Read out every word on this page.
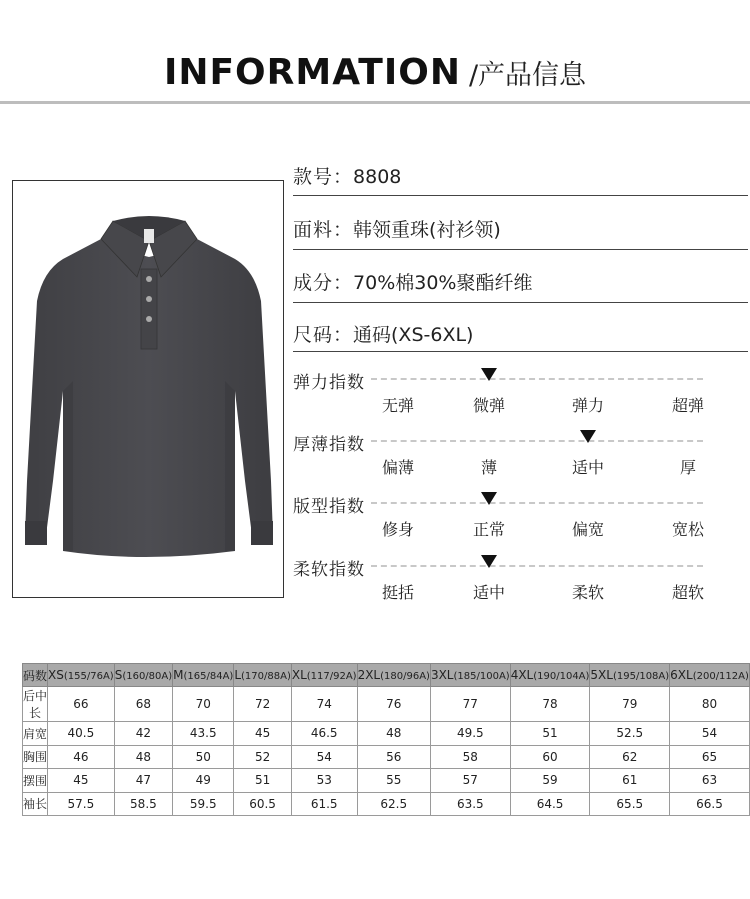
INFORMATION /产品信息
款号：8808
面料：韩领重珠(衬衫领)
成分：70%棉30%聚酯纤维
尺码：通码(XS-6XL)
弹力指数
无弹	微弹	弹力	超弹
厚薄指数
偏薄	薄	适中	厚
版型指数
修身	正常	偏宽	宽松
柔软指数
挺括	适中	柔软	超软
码数	XS(155/76A)	S(160/80A)	M(165/84A)	L(170/88A)	XL(117/92A)	2XL(180/96A)	3XL(185/100A)	4XL(190/104A)	5XL(195/108A)	6XL(200/112A)
后中长	66	68	70	72	74	76	77	78	79	80
肩宽	40.5	42	43.5	45	46.5	48	49.5	51	52.5	54
胸围	46	48	50	52	54	56	58	60	62	65
摆围	45	47	49	51	53	55	57	59	61	63
袖长	57.5	58.5	59.5	60.5	61.5	62.5	63.5	64.5	65.5	66.5
